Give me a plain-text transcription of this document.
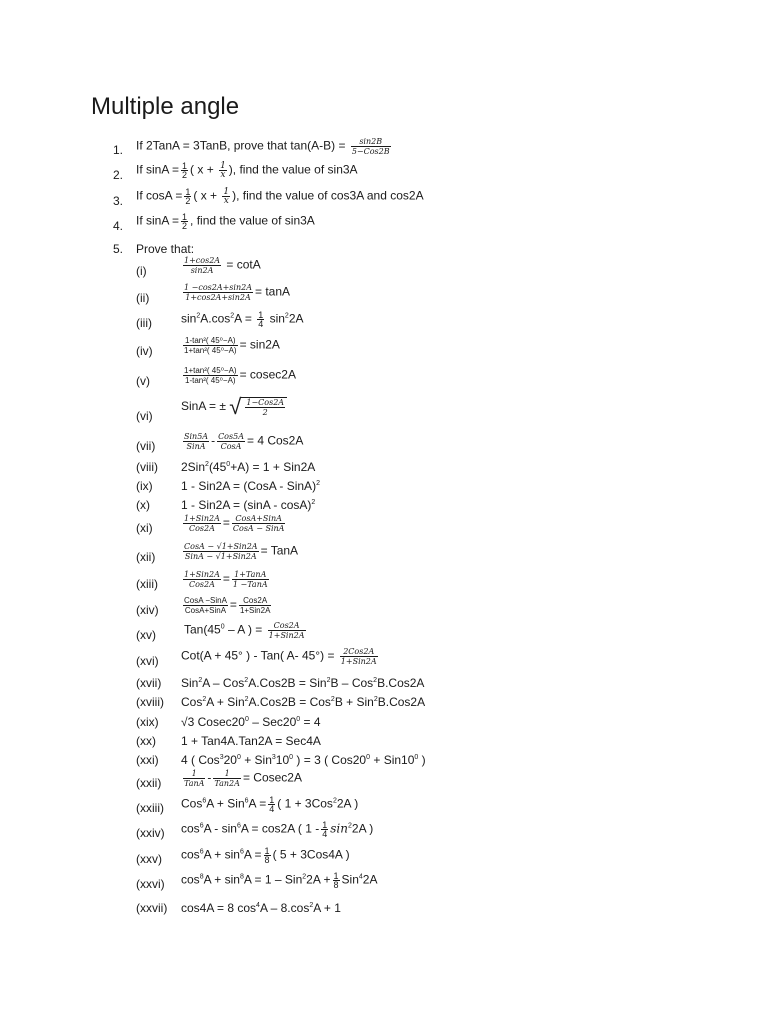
Multiple angle
1. If 2TanA = 3TanB, prove that $\tan(A-B) = \frac{\sin 2B}{\text{5−Cos2B}}$
2. If $\sin A = \frac{1}{2}$ ( $x + \frac{1}{x}$ ), find the value of sin3A
3. If $\cos A = \frac{1}{2}$ ( $x + \frac{1}{x}$ ), find the value of cos3A and cos2A
4. If $\sin A = \frac{1}{2}$ , find the value of sin3A
5. Prove that:
(i)	$\frac{1+\cos 2A}{\sin 2A} = \cot A$
(ii)	$\frac{1 -\cos 2A+\sin 2A}{1+\cos 2A+\sin 2A} = \tan A$
(iii) $\sin^2A.\cos^2A = \frac{1}{4} \sin^22A$
(iv)	$\frac{\text{1-tan²( 45⁰−A)}}{\text{1+tan²( 45⁰−A)}} = \sin 2A$
(v)	$\frac{\text{1+tan²( 45⁰−A)}}{\text{1-tan²( 45⁰−A)}} = cosec2A$
(vi)
SinA = ± √ $\frac{\text{1−Cos2A}}{2}$
(vii)	$\frac{\text{Sin5A}}{\text{SinA}} - \frac{\text{Cos5A}}{\text{CosA}} = 4$ Cos2A
(viii) $2Sin^2(45^0+A) = 1 + Sin2A$
(ix) 1 - Sin2A = (CosA - SinA)$^2$
(x)	1 - Sin2A = (sinA - cosA)$^2$
(xi)	$\frac{\text{1+Sin2A}}{\text{Cos2A}} = \frac{\text{CosA+SinA}}{\text{CosA − SinA}}$
(xii)	$\frac{\text{CosA − √1+Sin2A}}{\text{SinA − √1+Sin2A}}$ = TanA
(xiii)	$\frac{\text{1+Sin2A}}{\text{Cos2A}} = \frac{\text{1+TanA}}{\text{1 −TanA}}$
(xiv)	$\frac{\text{CosA −SinA}}{\text{CosA+SinA}} = \frac{\text{Cos2A}}{\text{1+Sin2A}}$
(xv) $Tan(45^0$ – A ) = $\frac{\text{Cos2A}}{\text{1+Sin2A}}$
(xvi) Cot(A + 45° ) - Tan( A- $45^\circ) = \frac{\text{2Cos2A}}{\text{1+Sin2A}}$
(xvii) Sin$^2$A – Cos$^2$A.Cos2B = Sin$^2$B – Cos$^2$B.Cos2A
(xviii) Cos$^2$A + Sin$^2$A.Cos2B = Cos$^2$B + Sin$^2$B.Cos2A
(xix) √3 $Cosec20^0 - Sec20^0 = 4$
(xx) 1 + Tan4A.Tan2A = Sec4A
(xxi) 4 ( $Cos^320^0 + Sin^310^0$ ) = 3 ( $Cos20^0 + Sin10^0$ )
(xxii)	$\frac{1}{\text{TanA}} - \frac{1}{\text{Tan2A}} = Cosec2A$
(xxiii) $Cos^6A + Sin^6A = \frac{1}{4}$ ( 1 + 3Cos$^2$2A )
(xxiv) $\cos^6A - \sin^6A = \cos 2A$ ( $1 - \frac{1}{4} \sin^22A$ )
(xxv) $\cos^6A + \sin^6A = \frac{1}{8}$ ( 5 + 3Cos4A )
(xxvi) $\cos^8A + \sin^8A = 1 - Sin^22A + \frac{1}{8} Sin^42A$
(xxvii) cos4A = 8 $\cos^4A - 8.\cos^2A + 1$
